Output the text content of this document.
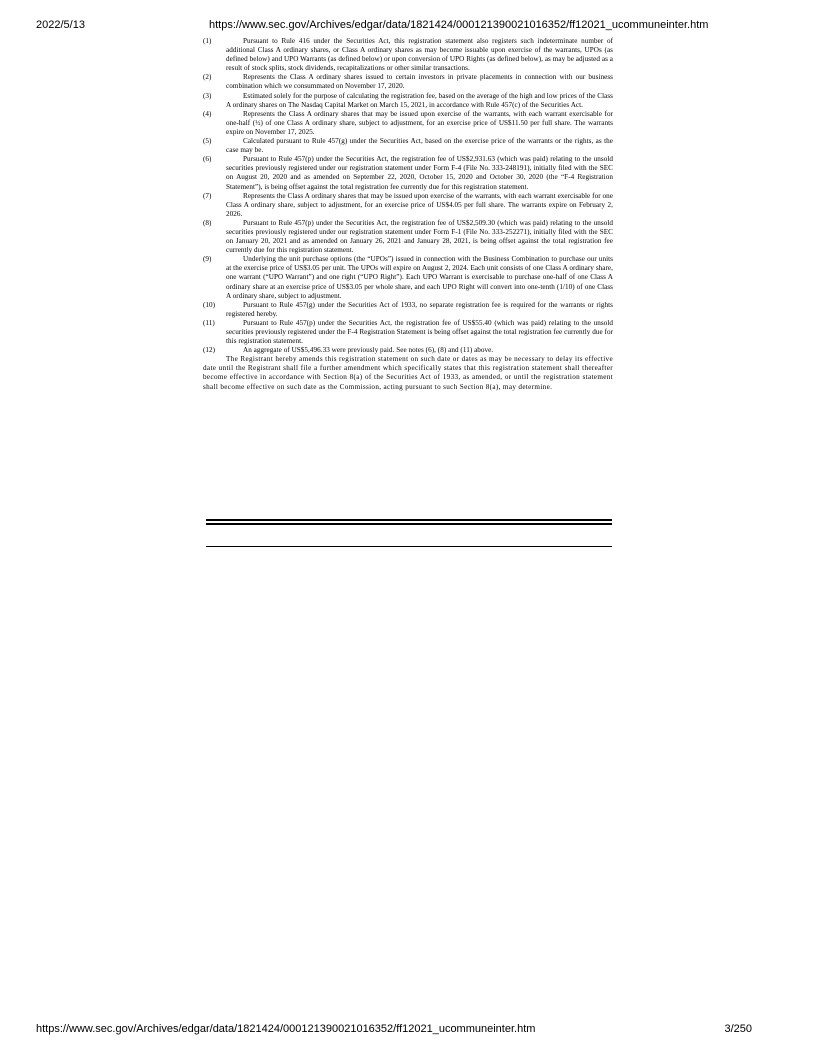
2022/5/13	https://www.sec.gov/Archives/edgar/data/1821424/000121390021016352/ff12021_ucommuneinter.htm
(1)	Pursuant to Rule 416 under the Securities Act, this registration statement also registers such indeterminate number of additional Class A ordinary shares, or Class A ordinary shares as may become issuable upon exercise of the warrants, UPOs (as defined below) and UPO Warrants (as defined below) or upon conversion of UPO Rights (as defined below), as may be adjusted as a result of stock splits, stock dividends, recapitalizations or other similar transactions.
(2)	Represents the Class A ordinary shares issued to certain investors in private placements in connection with our business combination which we consummated on November 17, 2020.
(3)	Estimated solely for the purpose of calculating the registration fee, based on the average of the high and low prices of the Class A ordinary shares on The Nasdaq Capital Market on March 15, 2021, in accordance with Rule 457(c) of the Securities Act.
(4)	Represents the Class A ordinary shares that may be issued upon exercise of the warrants, with each warrant exercisable for one-half (½) of one Class A ordinary share, subject to adjustment, for an exercise price of US$11.50 per full share. The warrants expire on November 17, 2025.
(5)	Calculated pursuant to Rule 457(g) under the Securities Act, based on the exercise price of the warrants or the rights, as the case may be.
(6)	Pursuant to Rule 457(p) under the Securities Act, the registration fee of US$2,931.63 (which was paid) relating to the unsold securities previously registered under our registration statement under Form F-4 (File No. 333-248191), initially filed with the SEC on August 20, 2020 and as amended on September 22, 2020, October 15, 2020 and October 30, 2020 (the “F-4 Registration Statement”), is being offset against the total registration fee currently due for this registration statement.
(7)	Represents the Class A ordinary shares that may be issued upon exercise of the warrants, with each warrant exercisable for one Class A ordinary share, subject to adjustment, for an exercise price of US$4.05 per full share. The warrants expire on February 2, 2026.
(8)	Pursuant to Rule 457(p) under the Securities Act, the registration fee of US$2,509.30 (which was paid) relating to the unsold securities previously registered under our registration statement under Form F-1 (File No. 333-252271), initially filed with the SEC on January 20, 2021 and as amended on January 26, 2021 and January 28, 2021, is being offset against the total registration fee currently due for this registration statement.
(9)	Underlying the unit purchase options (the “UPOs”) issued in connection with the Business Combination to purchase our units at the exercise price of US$3.05 per unit. The UPOs will expire on August 2, 2024. Each unit consists of one Class A ordinary share, one warrant (“UPO Warrant”) and one right (“UPO Right”). Each UPO Warrant is exercisable to purchase one-half of one Class A ordinary share at an exercise price of US$3.05 per whole share, and each UPO Right will convert into one-tenth (1/10) of one Class A ordinary share, subject to adjustment.
(10)	Pursuant to Rule 457(g) under the Securities Act of 1933, no separate registration fee is required for the warrants or rights registered hereby.
(11)	Pursuant to Rule 457(p) under the Securities Act, the registration fee of US$55.40 (which was paid) relating to the unsold securities previously registered under the F-4 Registration Statement is being offset against the total registration fee currently due for this registration statement.
(12)	An aggregate of US$5,496.33 were previously paid. See notes (6), (8) and (11) above.
The Registrant hereby amends this registration statement on such date or dates as may be necessary to delay its effective date until the Registrant shall file a further amendment which specifically states that this registration statement shall thereafter become effective in accordance with Section 8(a) of the Securities Act of 1933, as amended, or until the registration statement shall become effective on such date as the Commission, acting pursuant to such Section 8(a), may determine.
https://www.sec.gov/Archives/edgar/data/1821424/000121390021016352/ff12021_ucommuneinter.htm	3/250
